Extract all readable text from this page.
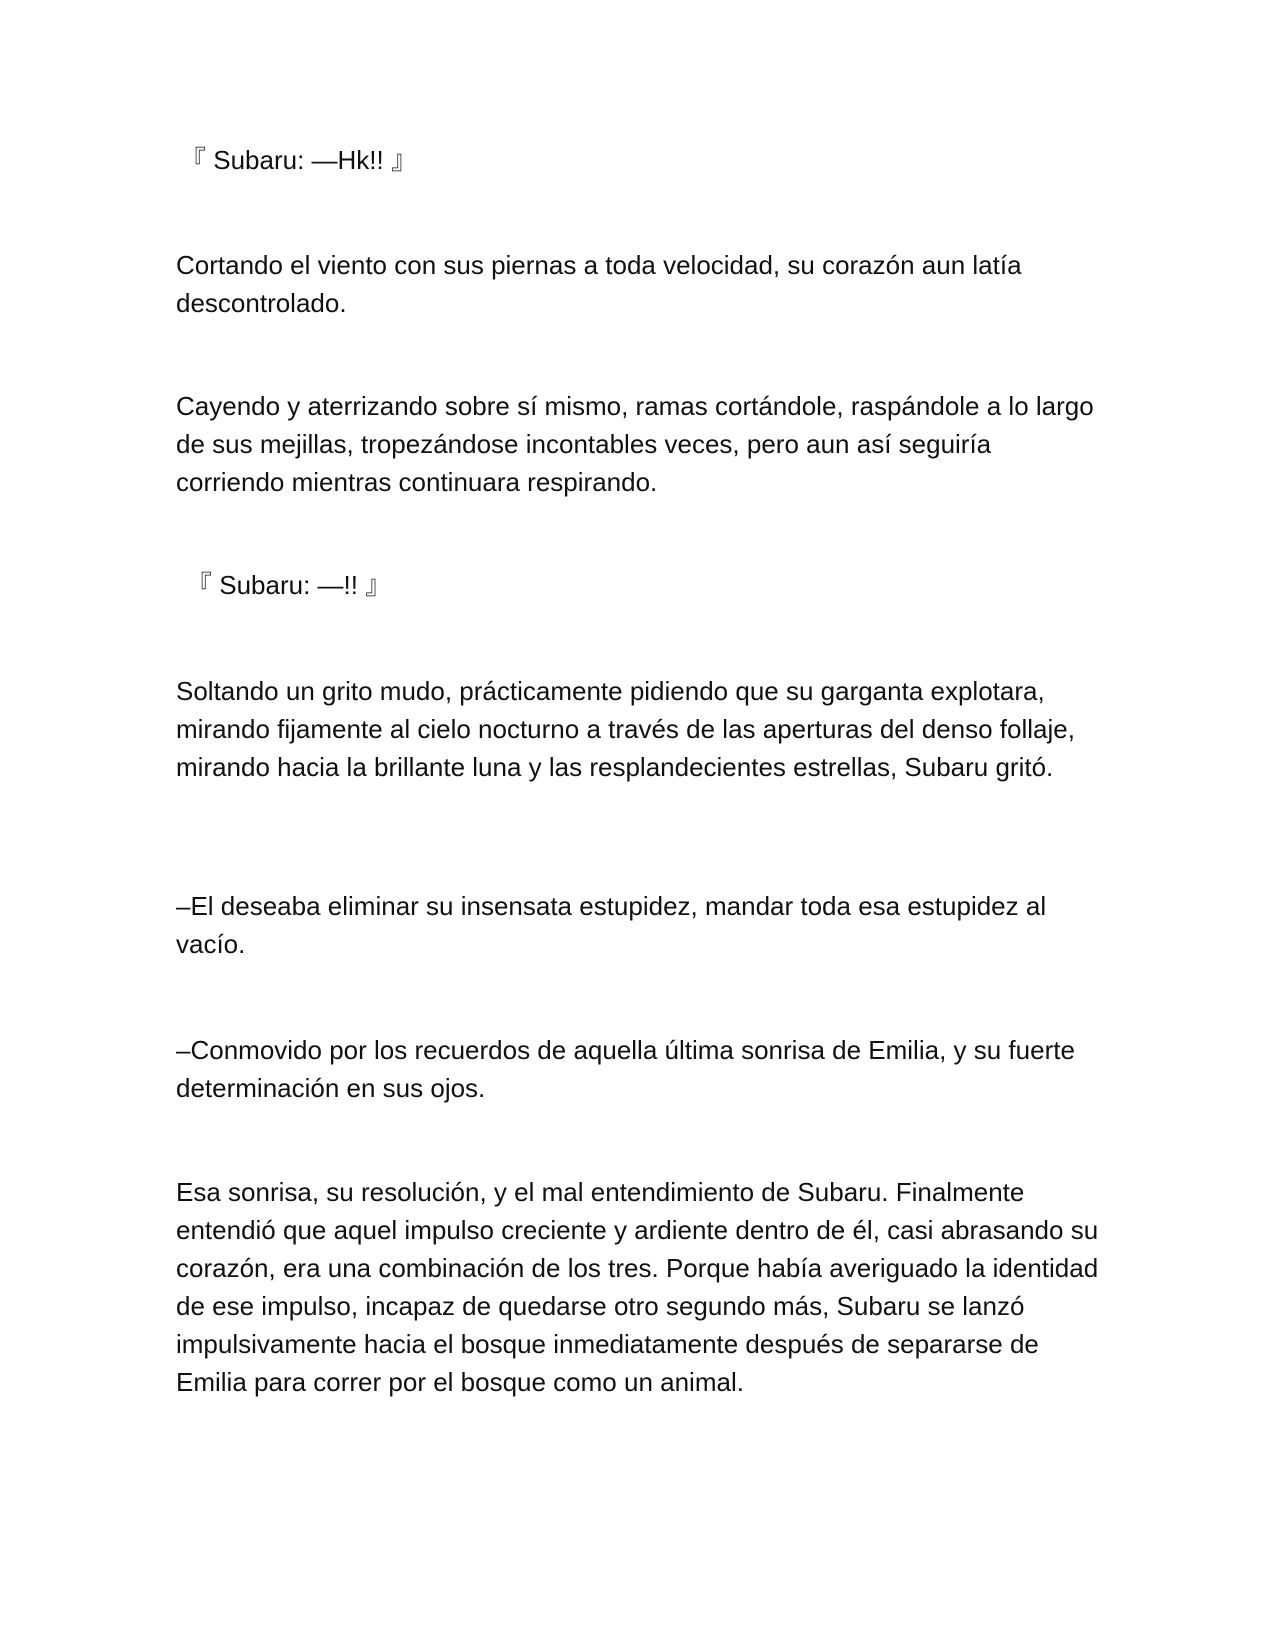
『 Subaru: —Hk!! 』

Cortando el viento con sus piernas a toda velocidad, su corazón aun latía descontrolado.

Cayendo y aterrizando sobre sí mismo, ramas cortándole, raspándole a lo largo de sus mejillas, tropezándose incontables veces, pero aun así seguiría corriendo mientras continuara respirando.

『 Subaru: —!! 』

Soltando un grito mudo, prácticamente pidiendo que su garganta explotara, mirando fijamente al cielo nocturno a través de las aperturas del denso follaje, mirando hacia la brillante luna y las resplandecientes estrellas, Subaru gritó.

–El deseaba eliminar su insensata estupidez, mandar toda esa estupidez al vacío.

–Conmovido por los recuerdos de aquella última sonrisa de Emilia, y su fuerte determinación en sus ojos.

Esa sonrisa, su resolución, y el mal entendimiento de Subaru. Finalmente entendió que aquel impulso creciente y ardiente dentro de él, casi abrasando su corazón, era una combinación de los tres. Porque había averiguado la identidad de ese impulso, incapaz de quedarse otro segundo más, Subaru se lanzó impulsivamente hacia el bosque inmediatamente después de separarse de Emilia para correr por el bosque como un animal.
